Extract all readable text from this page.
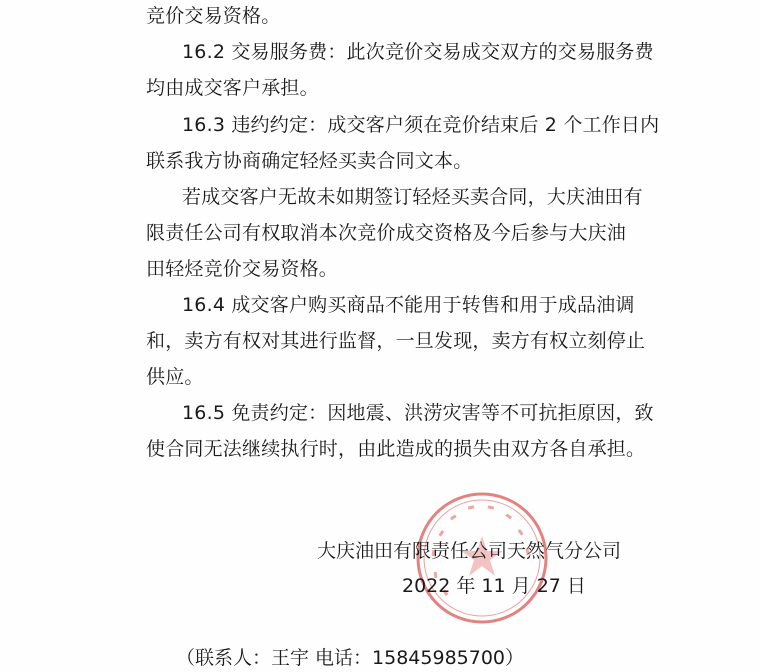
竞价交易资格。
16.2 交易服务费：此次竞价交易成交双方的交易服务费
均由成交客户承担。
16.3 违约约定：成交客户须在竞价结束后 2 个工作日内
联系我方协商确定轻烃买卖合同文本。
若成交客户无故未如期签订轻烃买卖合同，大庆油田有
限责任公司有权取消本次竞价成交资格及今后参与大庆油
田轻烃竞价交易资格。
16.4 成交客户购买商品不能用于转售和用于成品油调
和，卖方有权对其进行监督，一旦发现，卖方有权立刻停止
供应。
16.5 免责约定：因地震、洪涝灾害等不可抗拒原因，致
使合同无法继续执行时，由此造成的损失由双方各自承担。
大庆油田有限责任公司天然气分公司
2022 年 11 月 27 日
（联系人：王宇 电话：15845985700）
